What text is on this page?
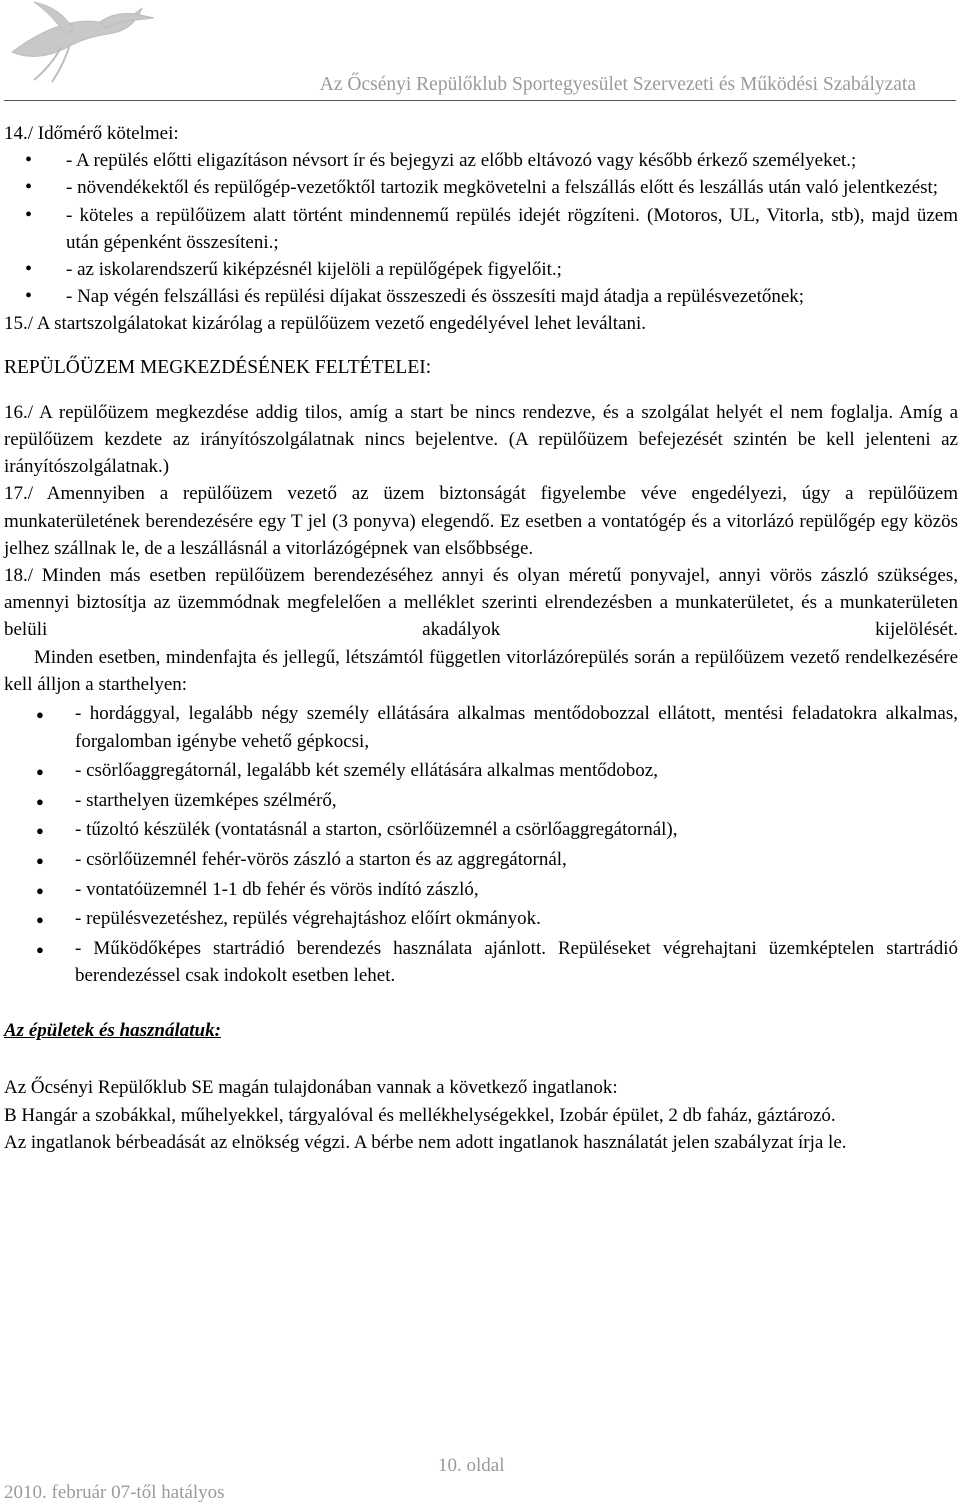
Az Őcsényi Repülőklub Sportegyesület Szervezeti és Működési Szabályzata

14./ Időmérő kötelmei:

• - A repülés előtti eligazításon névsort ír és bejegyzi az előbb eltávozó vagy később érkező személyeket.;
• - növendékektől és repülőgép-vezetőktől tartozik megkövetelni a felszállás előtt és leszállás után való jelentkezést;
• - köteles a repülőüzem alatt történt mindennemű repülés idejét rögzíteni. (Motoros, UL, Vitorla, stb), majd üzem után gépenként összesíteni.;
• - az iskolarendszerű kiképzésnél kijelöli a repülőgépek figyelőit.;
• - Nap végén felszállási és repülési díjakat összeszedi és összesíti majd átadja a repülésvezetőnek;

15./ A startszolgálatokat kizárólag a repülőüzem vezető engedélyével lehet leváltani.

REPÜLŐÜZEM MEGKEZDÉSÉNEK FELTÉTELEI:

16./ A repülőüzem megkezdése addig tilos, amíg a start be nincs rendezve, és a szolgálat helyét el nem foglalja. Amíg a repülőüzem kezdete az irányítószolgálatnak nincs bejelentve. (A repülőüzem befejezését szintén be kell jelenteni az irányítószolgálatnak.)

17./ Amennyiben a repülőüzem vezető az üzem biztonságát figyelembe véve engedélyezi, úgy a repülőüzem munkaterületének berendezésére egy T jel (3 ponyva) elegendő. Ez esetben a vontatógép és a vitorlázó repülőgép egy közös jelhez szállnak le, de a leszállásnál a vitorlázógépnek van elsőbbsége.

18./ Minden más esetben repülőüzem berendezéséhez annyi és olyan méretű ponyvajel, annyi vörös zászló szükséges, amennyi biztosítja az üzemmódnak megfelelően a melléklet szerinti elrendezésben a munkaterületet, és a munkaterületen belüli akadályok kijelölését.

Minden esetben, mindenfajta és jellegű, létszámtól független vitorlázórepülés során a repülőüzem vezető rendelkezésére kell álljon a starthelyen:

● - hordággyal, legalább négy személy ellátására alkalmas mentődobozzal ellátott, mentési feladatokra alkalmas, forgalomban igénybe vehető gépkocsi,
● - csörlőaggregátornál, legalább két személy ellátására alkalmas mentődoboz,
● - starthelyen üzemképes szélmérő,
● - tűzoltó készülék (vontatásnál a starton, csörlőüzemnél a csörlőaggregátornál),
● - csörlőüzemnél fehér-vörös zászló a starton és az aggregátornál,
● - vontatóüzemnél 1-1 db fehér és vörös indító zászló,
● - repülésvezetéshez, repülés végrehajtáshoz előírt okmányok.
● - Működőképes startrádió berendezés használata ajánlott. Repüléseket végrehajtani üzemképtelen startrádió berendezéssel csak indokolt esetben lehet.

Az épületek és használatuk:

Az Őcsényi Repülőklub SE magán tulajdonában vannak a következő ingatlanok:

B Hangár a szobákkal, műhelyekkel, tárgyalóval és mellékhelységekkel, Izobár épület, 2 db faház, gáztározó.

Az ingatlanok bérbeadását az elnökség végzi. A bérbe nem adott ingatlanok használatát jelen szabályzat írja le.

10. oldal
2010. február 07-től hatályos
